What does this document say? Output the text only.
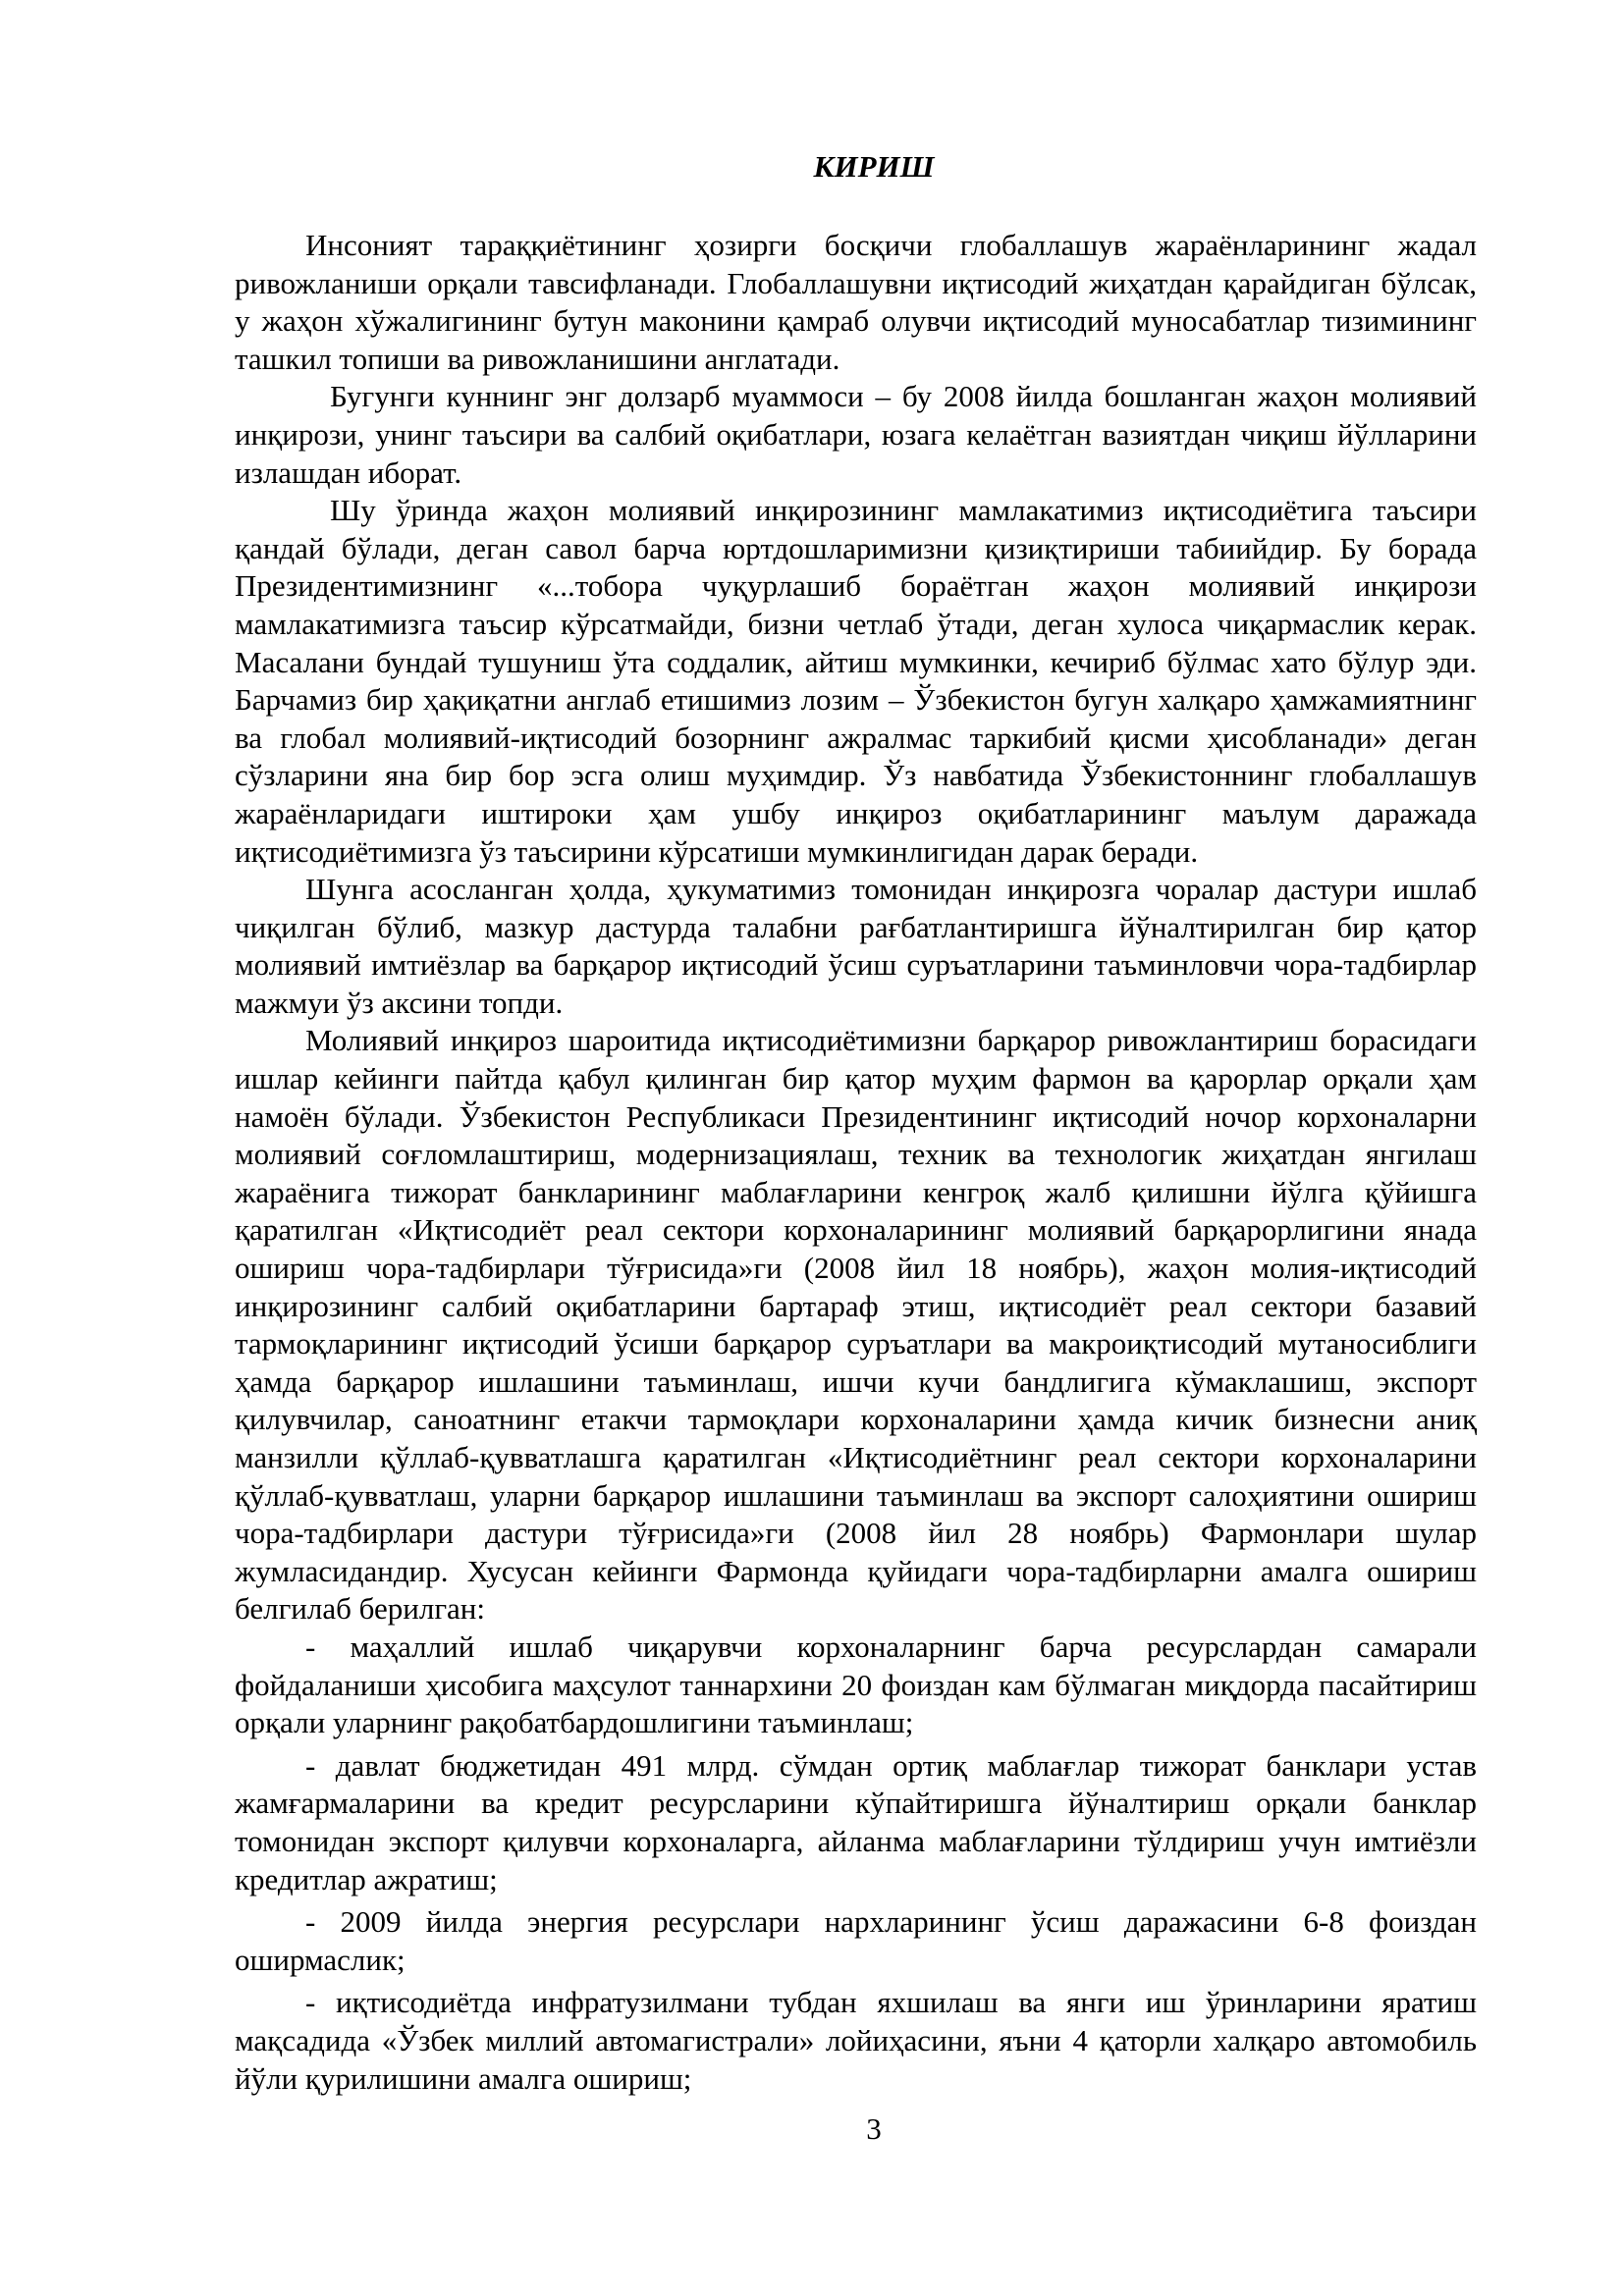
КИРИШ

Инсоният тараққиётининг ҳозирги босқичи глобаллашув жараёнларининг жадал ривожланиши орқали тавсифланади. Глобаллашувни иқтисодий жиҳатдан қарайдиган бўлсак, у жаҳон хўжалигининг бутун маконини қамраб олувчи иқтисодий муносабатлар тизимининг ташкил топиши ва ривожланишини англатади.

Бугунги куннинг энг долзарб муаммоси – бу 2008 йилда бошланган жаҳон молиявий инқирози, унинг таъсири ва салбий оқибатлари, юзага келаётган вазиятдан чиқиш йўлларини излашдан иборат.

Шу ўринда жаҳон молиявий инқирозининг мамлакатимиз иқтисодиётига таъсири қандай бўлади, деган савол барча юртдошларимизни қизиқтириши табиийдир. Бу борада Президентимизнинг «...тобора чуқурлашиб бораётган жаҳон молиявий инқирози мамлакатимизга таъсир кўрсатмайди, бизни четлаб ўтади, деган хулоса чиқармаслик керак. Масалани бундай тушуниш ўта соддалик, айтиш мумкинки, кечириб бўлмас хато бўлур эди. Барчамиз бир ҳақиқатни англаб етишимиз лозим – Ўзбекистон бугун халқаро ҳамжамиятнинг ва глобал молиявий-иқтисодий бозорнинг ажралмас таркибий қисми ҳисобланади» деган сўзларини яна бир бор эсга олиш муҳимдир. Ўз навбатида Ўзбекистоннинг глобаллашув жараёнларидаги иштироки ҳам ушбу инқироз оқибатларининг маълум даражада иқтисодиётимизга ўз таъсирини кўрсатиши мумкинлигидан дарак беради.

Шунга асосланган ҳолда, ҳукуматимиз томонидан инқирозга чоралар дастури ишлаб чиқилган бўлиб, мазкур дастурда талабни рағбатлантиришга йўналтирилган бир қатор молиявий имтиёзлар ва барқарор иқтисодий ўсиш суръатларини таъминловчи чора-тадбирлар мажмуи ўз аксини топди.

Молиявий инқироз шароитида иқтисодиётимизни барқарор ривожлантириш борасидаги ишлар кейинги пайтда қабул қилинган бир қатор муҳим фармон ва қарорлар орқали ҳам намоён бўлади. Ўзбекистон Республикаси Президентининг иқтисодий ночор корхоналарни молиявий соғломлаштириш, модернизациялаш, техник ва технологик жиҳатдан янгилаш жараёнига тижорат банкларининг маблағларини кенгроқ жалб қилишни йўлга қўйишга қаратилган «Иқтисодиёт реал сектори корхоналарининг молиявий барқарорлигини янада ошириш чора-тадбирлари тўғрисида»ги (2008 йил 18 ноябрь), жаҳон молия-иқтисодий инқирозининг салбий оқибатларини бартараф этиш, иқтисодиёт реал сектори базавий тармоқларининг иқтисодий ўсиши барқарор суръатлари ва макроиқтисодий мутаносиблиги ҳамда барқарор ишлашини таъминлаш, ишчи кучи бандлигига кўмаклашиш, экспорт қилувчилар, саноатнинг етакчи тармоқлари корхоналарини ҳамда кичик бизнесни аниқ манзилли қўллаб-қувватлашга қаратилган «Иқтисодиётнинг реал сектори корхоналарини қўллаб-қувватлаш, уларни барқарор ишлашини таъминлаш ва экспорт салоҳиятини ошириш чора-тадбирлари дастури тўғрисида»ги (2008 йил 28 ноябрь) Фармонлари шулар жумласидандир. Хусусан кейинги Фармонда қуйидаги чора-тадбирларни амалга ошириш белгилаб берилган:

- маҳаллий ишлаб чиқарувчи корхоналарнинг барча ресурслардан самарали фойдаланиши ҳисобига маҳсулот таннархини 20 фоиздан кам бўлмаган миқдорда пасайтириш орқали уларнинг рақобатбардошлигини таъминлаш;

- давлат бюджетидан 491 млрд. сўмдан ортиқ маблағлар тижорат банклари устав жамғармаларини ва кредит ресурсларини кўпайтиришга йўналтириш орқали банклар томонидан экспорт қилувчи корхоналарга, айланма маблағларини тўлдириш учун имтиёзли кредитлар ажратиш;

- 2009 йилда энергия ресурслари нархларининг ўсиш даражасини 6-8 фоиздан оширмаслик;

- иқтисодиётда инфратузилмани тубдан яхшилаш ва янги иш ўринларини яратиш мақсадида «Ўзбек миллий автомагистрали» лойиҳасини, яъни 4 қаторли халқаро автомобиль йўли қурилишини амалга ошириш;

3
